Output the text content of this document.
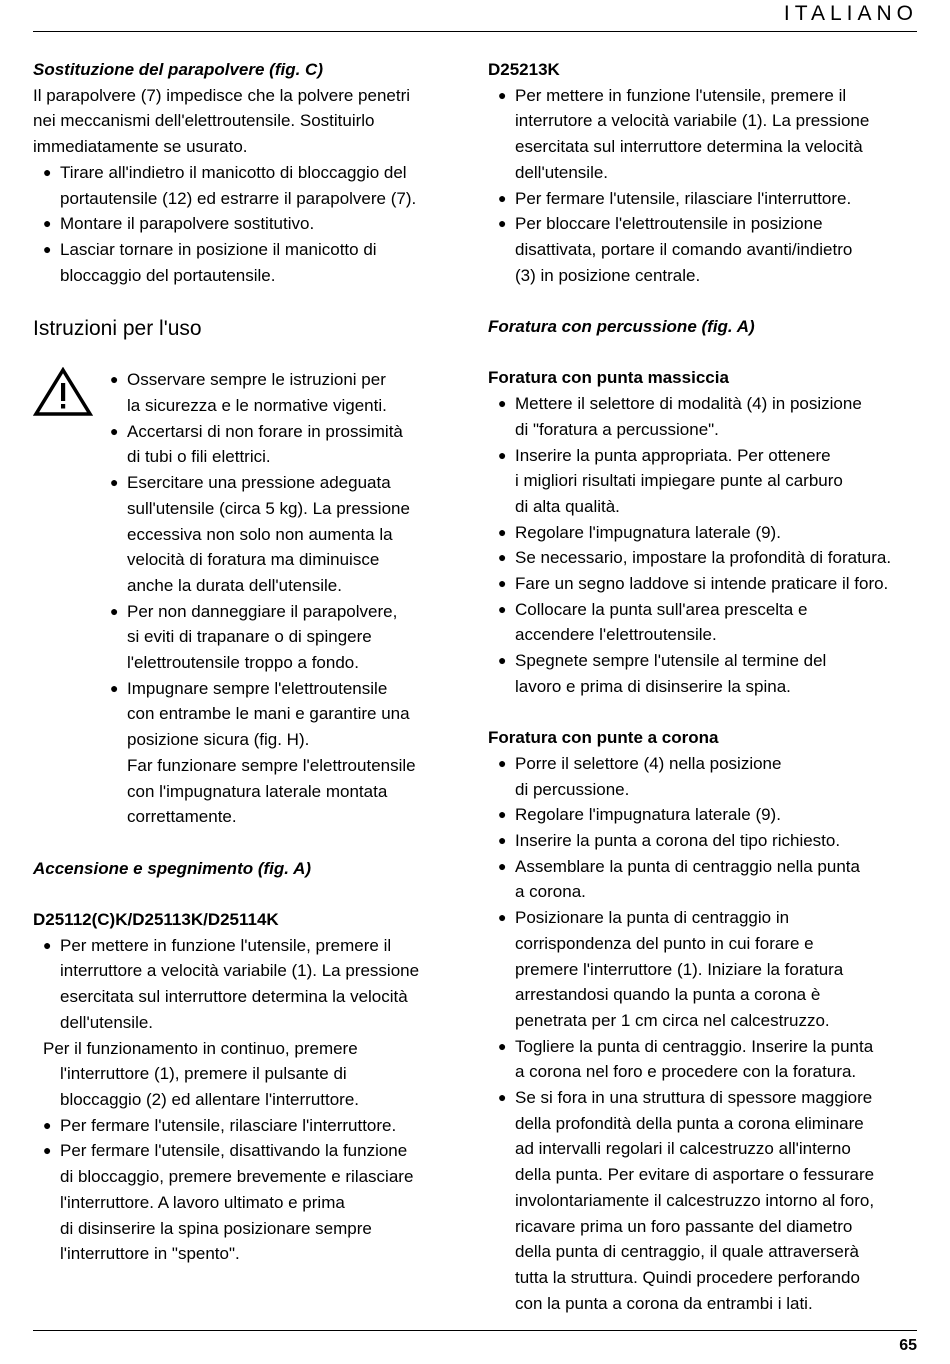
ITALIANO

Sostituzione del parapolvere (fig. C)

Il parapolvere (7) impedisce che la polvere penetri
nei meccanismi dell'elettroutensile. Sostituirlo
immediatamente se usurato.
● Tirare all'indietro il manicotto di bloccaggio del
portautensile (12) ed estrarre il parapolvere (7).
● Montare il parapolvere sostitutivo.
● Lasciar tornare in posizione il manicotto di
bloccaggio del portautensile.

Istruzioni per l'uso

● Osservare sempre le istruzioni per
la sicurezza e le normative vigenti.
● Accertarsi di non forare in prossimità
di tubi o fili elettrici.
● Esercitare una pressione adeguata
sull'utensile (circa 5 kg). La pressione
eccessiva non solo non aumenta la
velocità di foratura ma diminuisce
anche la durata dell'utensile.
● Per non danneggiare il parapolvere,
si eviti di trapanare o di spingere
l'elettroutensile troppo a fondo.
● Impugnare sempre l'elettroutensile
con entrambe le mani e garantire una
posizione sicura (fig. H).
Far funzionare sempre l'elettroutensile
con l'impugnatura laterale montata
correttamente.

Accensione e spegnimento (fig. A)

D25112(C)K/D25113K/D25114K

● Per mettere in funzione l'utensile, premere il
interruttore a velocità variabile (1). La pressione
esercitata sul interruttore determina la velocità
dell'utensile.
Per il funzionamento in continuo, premere
l'interruttore (1), premere il pulsante di
bloccaggio (2) ed allentare l'interruttore.
● Per fermare l'utensile, rilasciare l'interruttore.
● Per fermare l'utensile, disattivando la funzione
di bloccaggio, premere brevemente e rilasciare
l'interruttore. A lavoro ultimato e prima
di disinserire la spina posizionare sempre
l'interruttore in "spento".

D25213K

● Per mettere in funzione l'utensile, premere il
interrutore a velocità variabile (1). La pressione
esercitata sul interruttore determina la velocità
dell'utensile.
● Per fermare l'utensile, rilasciare l'interruttore.
● Per bloccare l'elettroutensile in posizione
disattivata, portare il comando avanti/indietro
(3) in posizione centrale.

Foratura con percussione (fig. A)

Foratura con punta massiccia

● Mettere il selettore di modalità (4) in posizione
di "foratura a percussione".
● Inserire la punta appropriata. Per ottenere
i migliori risultati impiegare punte al carburo
di alta qualità.
● Regolare l'impugnatura laterale (9).
● Se necessario, impostare la profondità di foratura.
● Fare un segno laddove si intende praticare il foro.
● Collocare la punta sull'area prescelta e
accendere l'elettroutensile.
● Spegnete sempre l'utensile al termine del
lavoro e prima di disinserire la spina.

Foratura con punte a corona

● Porre il selettore (4) nella posizione
di percussione.
● Regolare l'impugnatura laterale (9).
● Inserire la punta a corona del tipo richiesto.
● Assemblare la punta di centraggio nella punta
a corona.
● Posizionare la punta di centraggio in
corrispondenza del punto in cui forare e
premere l'interruttore (1). Iniziare la foratura
arrestandosi quando la punta a corona è
penetrata per 1 cm circa nel calcestruzzo.
● Togliere la punta di centraggio. Inserire la punta
a corona nel foro e procedere con la foratura.
● Se si fora in una struttura di spessore maggiore
della profondità della punta a corona eliminare
ad intervalli regolari il calcestruzzo all'interno
della punta. Per evitare di asportare o fessurare
involontariamente il calcestruzzo intorno al foro,
ricavare prima un foro passante del diametro
della punta di centraggio, il quale attraverserà
tutta la struttura. Quindi procedere perforando
con la punta a corona da entrambi i lati.
65
